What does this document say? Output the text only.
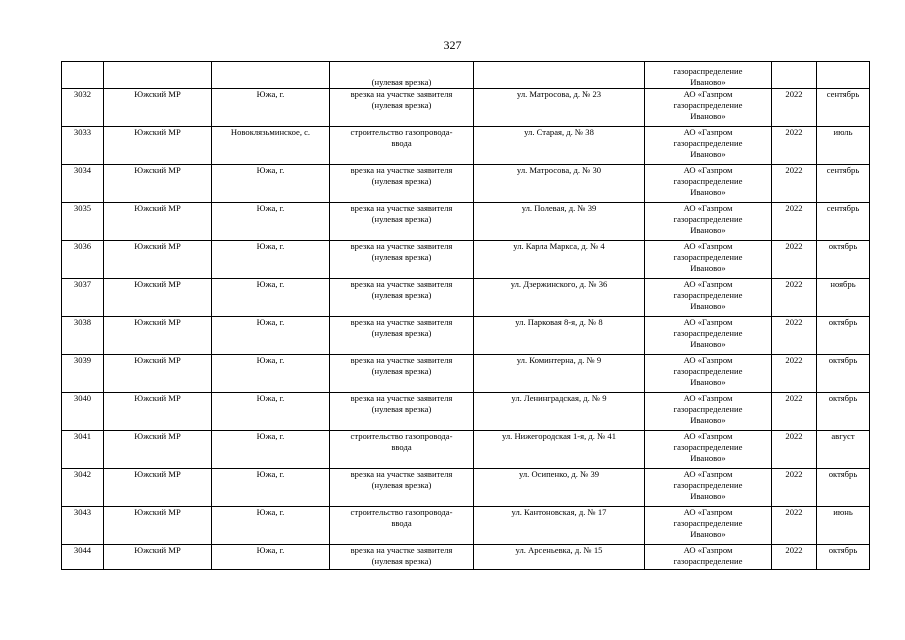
327

			(нулевая врезка)		газораспределение
Иваново»		

3032	Южский МР	Южа, г.	врезка на участке заявителя
(нулевая врезка)	ул. Матросова, д. № 23	АО «Газпром
газораспределение
Иваново»	2022	сентябрь
3033	Южский МР	Новоклязьминское, с.	строительство газопровода-
ввода	ул. Старая, д. № 38	АО «Газпром
газораспределение
Иваново»	2022	июль
3034	Южский МР	Южа, г.	врезка на участке заявителя
(нулевая врезка)	ул. Матросова, д. № 30	АО «Газпром
газораспределение
Иваново»	2022	сентябрь
3035	Южский МР	Южа, г.	врезка на участке заявителя
(нулевая врезка)	ул. Полевая, д. № 39	АО «Газпром
газораспределение
Иваново»	2022	сентябрь
3036	Южский МР	Южа, г.	врезка на участке заявителя
(нулевая врезка)	ул. Карла Маркса, д. № 4	АО «Газпром
газораспределение
Иваново»	2022	октябрь
3037	Южский МР	Южа, г.	врезка на участке заявителя
(нулевая врезка)	ул. Дзержинского, д. № 36	АО «Газпром
газораспределение
Иваново»	2022	ноябрь
3038	Южский МР	Южа, г.	врезка на участке заявителя
(нулевая врезка)	ул. Парковая 8-я, д. № 8	АО «Газпром
газораспределение
Иваново»	2022	октябрь
3039	Южский МР	Южа, г.	врезка на участке заявителя
(нулевая врезка)	ул. Коминтерна, д. № 9	АО «Газпром
газораспределение
Иваново»	2022	октябрь
3040	Южский МР	Южа, г.	врезка на участке заявителя
(нулевая врезка)	ул. Ленинградская, д. № 9	АО «Газпром
газораспределение
Иваново»	2022	октябрь
3041	Южский МР	Южа, г.	строительство газопровода-
ввода	ул. Нижегородская 1-я, д. № 41	АО «Газпром
газораспределение
Иваново»	2022	август
3042	Южский МР	Южа, г.	врезка на участке заявителя
(нулевая врезка)	ул. Осипенко, д. № 39	АО «Газпром
газораспределение
Иваново»	2022	октябрь
3043	Южский МР	Южа, г.	строительство газопровода-
ввода	ул. Кантоновская, д. № 17	АО «Газпром
газораспределение
Иваново»	2022	июнь
3044	Южский МР	Южа, г.	врезка на участке заявителя
(нулевая врезка)	ул. Арсеньевка, д. № 15	АО «Газпром
газораспределение	2022	октябрь
